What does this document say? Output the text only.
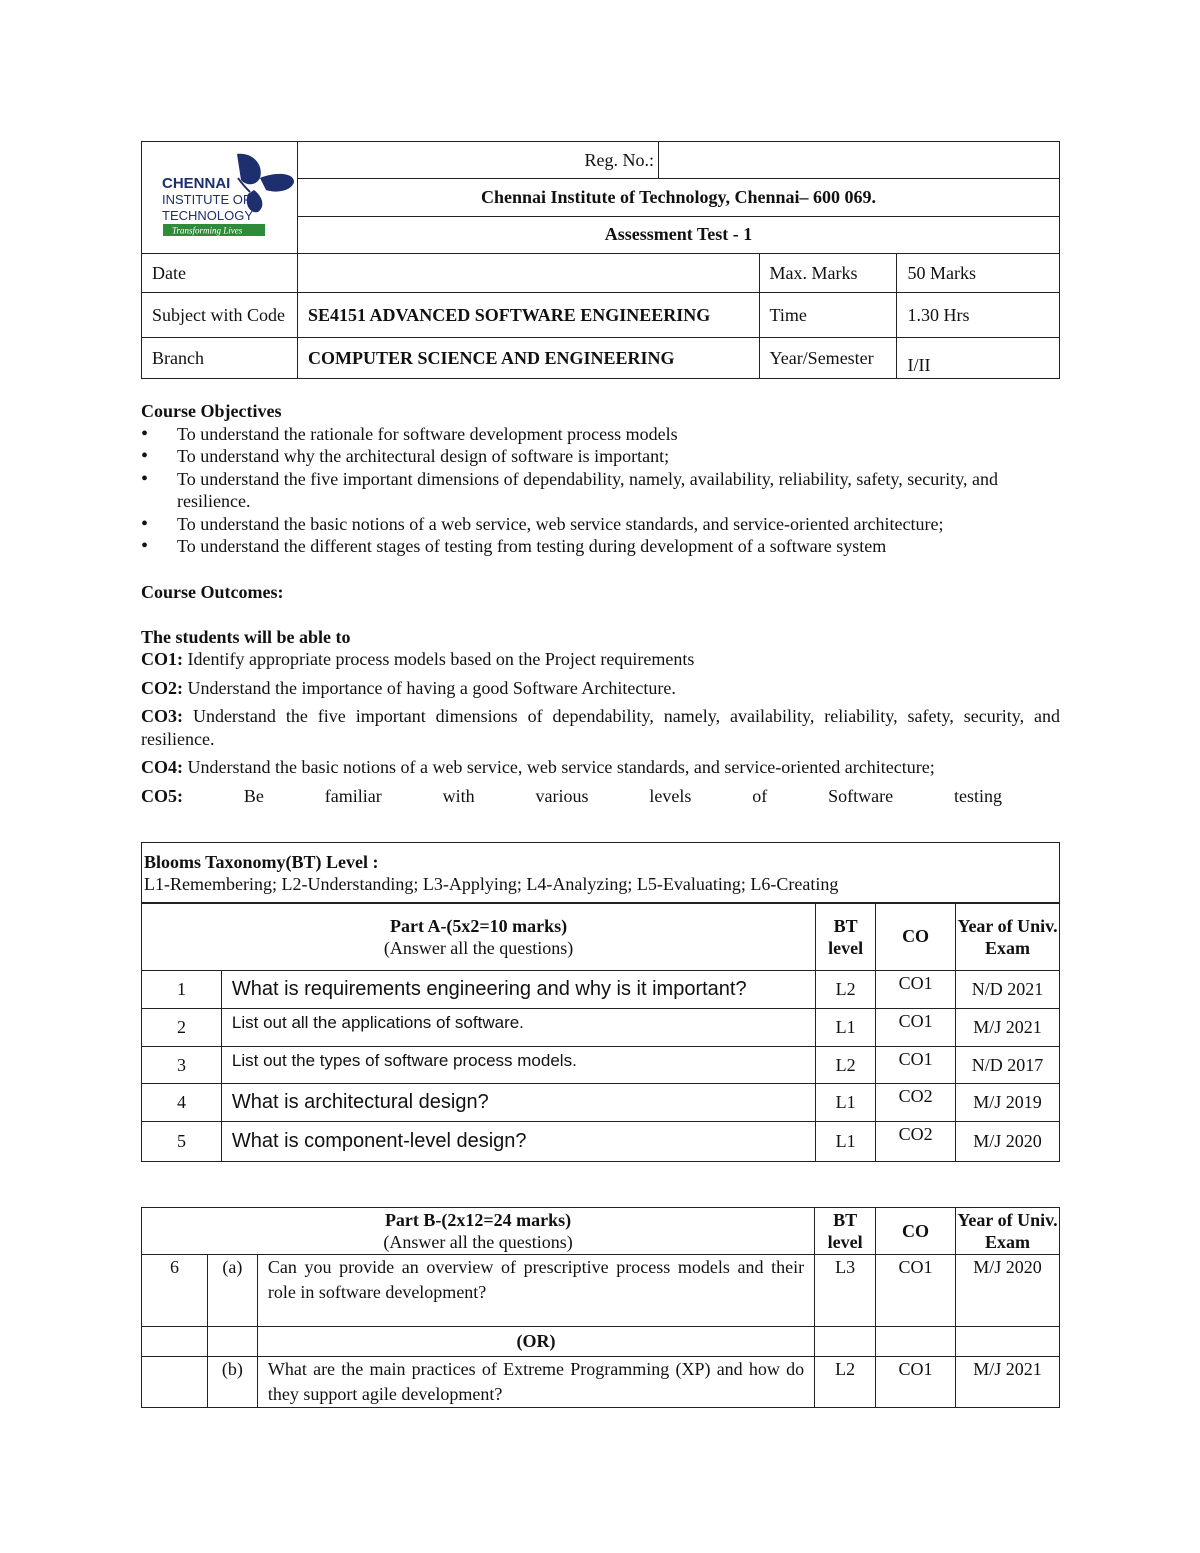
CHENNAI
INSTITUTE OF
TECHNOLOGY
Transforming Lives	Reg. No.:		

	Chennai Institute of Technology, Chennai– 600 069.		
	Assessment Test - 1		
Date		Max. Marks	50 Marks
Subject with Code	SE4151 ADVANCED SOFTWARE ENGINEERING	Time	1.30 Hrs
Branch	COMPUTER SCIENCE AND ENGINEERING	Year/Semester	I/II
Course Objectives
• To understand the rationale for software development process models
• To understand why the architectural design of software is important;
• To understand the five important dimensions of dependability, namely, availability, reliability, safety, security, and resilience.
• To understand the basic notions of a web service, web service standards, and service-oriented architecture;
• To understand the different stages of testing from testing during development of a software system
Course Outcomes:
The students will be able to
CO1: Identify appropriate process models based on the Project requirements
CO2: Understand the importance of having a good Software Architecture.
CO3: Understand the five important dimensions of dependability, namely, availability, reliability, safety, security, and resilience.
CO4: Understand the basic notions of a web service, web service standards, and service-oriented architecture;
CO5:	Be	familiar	with	various	levels	of	Software	testing
Blooms Taxonomy(BT) Level :
L1-Remembering; L2-Understanding; L3-Applying; L4-Analyzing; L5-Evaluating; L6-Creating
Part A-(5x2=10 marks)
(Answer all the questions)		BT level	CO	Year of Univ. Exam
1	What is requirements engineering and why is it important?	L2	CO1	N/D 2021
2	List out all the applications of software.	L1	CO1	M/J 2021
3	List out the types of software process models.	L2	CO1	N/D 2017
4	What is architectural design?	L1	CO2	M/J 2019
5	What is component-level design?	L1	CO2	M/J 2020
Part B-(2x12=24 marks)
(Answer all the questions)			BT level	CO	Year of Univ. Exam
6	(a)	Can you provide an overview of prescriptive process models and their role in software development?	L3	CO1	M/J 2020
		(OR)			
	(b)	What are the main practices of Extreme Programming (XP) and how do they support agile development?	L2	CO1	M/J 2021
